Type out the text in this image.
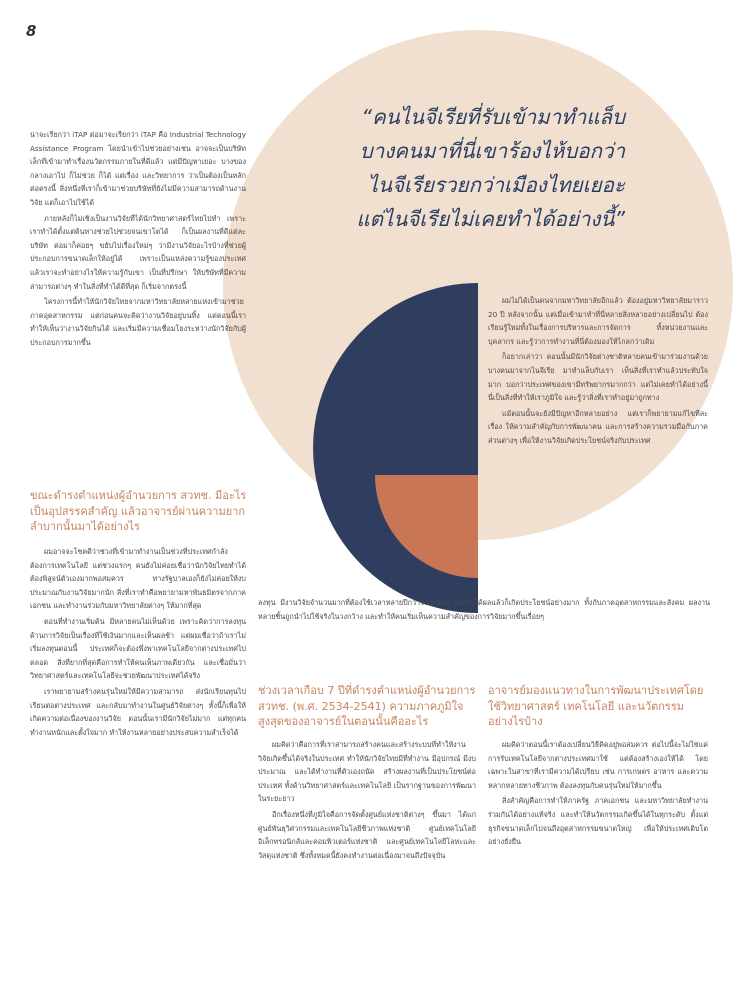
8

“คนไนจีเรียที่รับเข้ามาทำแล็บ

บางคนมาที่นี่เขาร้องไห้บอกว่า

ไนจีเรียรวยกว่าเมืองไทยเยอะ

แต่ไนจีเรียไม่เคยทำได้อย่างนี้”

น่าจะเรียกว่า iTAP ต่อมาจะเรียกว่า iTAP คือ Industrial Technology Assistance Program โดยนำเข้าไปช่วยอย่างเช่น อาจจะเป็นบริษัทเล็กที่เข้ามาทำเรื่องนวัตกรรมภายในที่ดีแล้ว แต่มีปัญหาเยอะ บางของกลางเอาไป ก็ไม่ช่วย ก็ได้ แต่เรื่อง และวิทยาการ ว่าเป็นต้องเป็นหลักต่อตรงนี้ สิ่งหนึ่งที่เราก็เข้ามาช่วยบริษัทที่ยังไม่มีความสามารถด้านงานวิจัย แต่ก็เอาไปใช้ได้

ภายหลังก็ไม่เชิงเป็นงานวิจัยที่ได้นักวิทยาศาสตร์ไทยไปทำ เพราะเราทำได้ตั้งแต่ต้นทางช่วยไปช่วยจนเขาโตได้ ก็เป็นผลงานที่ดีแต่ละบริษัท ต่อมาก็ค่อยๆ ขยับไปเรื่องใหม่ๆ ว่ามีงานวิจัยอะไรบ้างที่ช่วยผู้ประกอบการขนาดเล็กให้อยู่ได้ เพราะเป็นแหล่งความรู้ของประเทศ แล้วเราจะทำอย่างไรให้ความรู้กับเขา เป็นที่ปรึกษา ให้บริษัทที่มีความสามารถต่างๆ ทำในสิ่งที่ทำได้ดีที่สุด ก็เริ่มจากตรงนี้

โครงการนี้ทำให้นักวิจัยไทยจากมหาวิทยาลัยหลายแห่งเข้ามาช่วยภาคอุตสาหกรรม แต่ก่อนคนจะคิดว่างานวิจัยอยู่บนหิ้ง แต่ตอนนี้เราทำให้เห็นว่างานวิจัยกินได้ และเริ่มมีความเชื่อมโยงระหว่างนักวิจัยกับผู้ประกอบการมากขึ้น

ขณะดำรงตำแหน่งผู้อำนวยการ สวทช. มีอะไรเป็นอุปสรรคสำคัญ แล้วอาจารย์ผ่านความยากลำบากนั้นมาได้อย่างไร

ผมอาจจะโชคดีว่าช่วงที่เข้ามาทำงานเป็นช่วงที่ประเทศกำลังต้องการเทคโนโลยี แต่ช่วงแรกๆ คนยังไม่ค่อยเชื่อว่านักวิจัยไทยทำได้ ต้องพิสูจน์ตัวเองมากพอสมควร ทางรัฐบาลเองก็ยังไม่ค่อยให้งบประมาณกับงานวิจัยมากนัก สิ่งที่เราทำคือพยายามหาพันธมิตรจากภาคเอกชน และทำงานร่วมกับมหาวิทยาลัยต่างๆ ให้มากที่สุด

ตอนที่ทำงานเริ่มต้น มีหลายคนไม่เห็นด้วย เพราะคิดว่าการลงทุนด้านการวิจัยเป็นเรื่องที่ใช้เงินมากและเห็นผลช้า แต่ผมเชื่อว่าถ้าเราไม่เริ่มลงทุนตอนนี้ ประเทศก็จะต้องพึ่งพาเทคโนโลยีจากต่างประเทศไปตลอด สิ่งที่ยากที่สุดคือการทำให้คนเห็นภาพเดียวกัน และเชื่อมั่นว่าวิทยาศาสตร์และเทคโนโลยีจะช่วยพัฒนาประเทศได้จริง

เราพยายามสร้างคนรุ่นใหม่ให้มีความสามารถ ส่งนักเรียนทุนไปเรียนต่อต่างประเทศ และกลับมาทำงานในศูนย์วิจัยต่างๆ ทั้งนี้ก็เพื่อให้เกิดความต่อเนื่องของงานวิจัย ตอนนั้นเรามีนักวิจัยไม่มาก แต่ทุกคนทำงานหนักและตั้งใจมาก ทำให้งานหลายอย่างประสบความสำเร็จได้

ผมไม่ได้เป็นคนจากมหาวิทยาลัยอีกแล้ว ต้องอยู่มหาวิทยาลัยมาราว 20 ปี หลังจากนั้น แต่เมื่อเข้ามาทำที่นี่หลายสิ่งหลายอย่างเปลี่ยนไป ต้องเรียนรู้ใหม่ทั้งในเรื่องการบริหารและการจัดการ ทั้งหน่วยงานและบุคลากร และรู้ว่าการทำงานที่นี่ต้องมองให้ไกลกว่าเดิม

ก็อยากเล่าว่า ตอนนั้นมีนักวิจัยต่างชาติหลายคนเข้ามาร่วมงานด้วย บางคนมาจากไนจีเรีย มาทำแล็บกับเรา เห็นสิ่งที่เราทำแล้วประทับใจมาก บอกว่าประเทศของเขามีทรัพยากรมากกว่า แต่ไม่เคยทำได้อย่างนี้ นี่เป็นสิ่งที่ทำให้เราภูมิใจ และรู้ว่าสิ่งที่เราทำอยู่มาถูกทาง

แม้ตอนนั้นจะยังมีปัญหาอีกหลายอย่าง แต่เราก็พยายามแก้ไขทีละเรื่อง ให้ความสำคัญกับการพัฒนาคน และการสร้างความร่วมมือกับภาคส่วนต่างๆ เพื่อให้งานวิจัยเกิดประโยชน์จริงกับประเทศ

ลงทุน มีงานวิจัยจำนวนมากที่ต้องใช้เวลาหลายปีกว่าจะเห็นผล แต่เมื่อได้ผลแล้วก็เกิดประโยชน์อย่างมาก ทั้งกับภาคอุตสาหกรรมและสังคม ผลงานหลายชิ้นถูกนำไปใช้จริงในวงกว้าง และทำให้คนเริ่มเห็นความสำคัญของการวิจัยมากขึ้นเรื่อยๆ

ช่วงเวลาเกือบ 7 ปีที่ดำรงตำแหน่งผู้อำนวยการ สวทช. (พ.ศ. 2534-2541) ความภาคภูมิใจสูงสุดของอาจารย์ในตอนนั้นคืออะไร

ผมคิดว่าคือการที่เราสามารถสร้างคนและสร้างระบบที่ทำให้งานวิจัยเกิดขึ้นได้จริงในประเทศ ทำให้นักวิจัยไทยมีที่ทำงาน มีอุปกรณ์ มีงบประมาณ และได้ทำงานที่ตัวเองถนัด สร้างผลงานที่เป็นประโยชน์ต่อประเทศ ทั้งด้านวิทยาศาสตร์และเทคโนโลยี เป็นรากฐานของการพัฒนาในระยะยาว

อีกเรื่องหนึ่งที่ภูมิใจคือการจัดตั้งศูนย์แห่งชาติต่างๆ ขึ้นมา ได้แก่ ศูนย์พันธุวิศวกรรมและเทคโนโลยีชีวภาพแห่งชาติ ศูนย์เทคโนโลยีอิเล็กทรอนิกส์และคอมพิวเตอร์แห่งชาติ และศูนย์เทคโนโลยีโลหะและวัสดุแห่งชาติ ซึ่งทั้งหมดนี้ยังคงทำงานต่อเนื่องมาจนถึงปัจจุบัน

อาจารย์มองแนวทางในการพัฒนาประเทศโดยใช้วิทยาศาสตร์ เทคโนโลยี และนวัตกรรม อย่างไรบ้าง

ผมคิดว่าตอนนี้เราต้องเปลี่ยนวิธีคิดอยู่พอสมควร ต่อไปนี้จะไม่ใช่แค่การรับเทคโนโลยีจากต่างประเทศมาใช้ แต่ต้องสร้างเองให้ได้ โดยเฉพาะในสาขาที่เรามีความได้เปรียบ เช่น การเกษตร อาหาร และความหลากหลายทางชีวภาพ ต้องลงทุนกับคนรุ่นใหม่ให้มากขึ้น

สิ่งสำคัญคือการทำให้ภาครัฐ ภาคเอกชน และมหาวิทยาลัยทำงานร่วมกันได้อย่างแท้จริง และทำให้นวัตกรรมเกิดขึ้นได้ในทุกระดับ ตั้งแต่ธุรกิจขนาดเล็กไปจนถึงอุตสาหกรรมขนาดใหญ่ เพื่อให้ประเทศเติบโตอย่างยั่งยืน
